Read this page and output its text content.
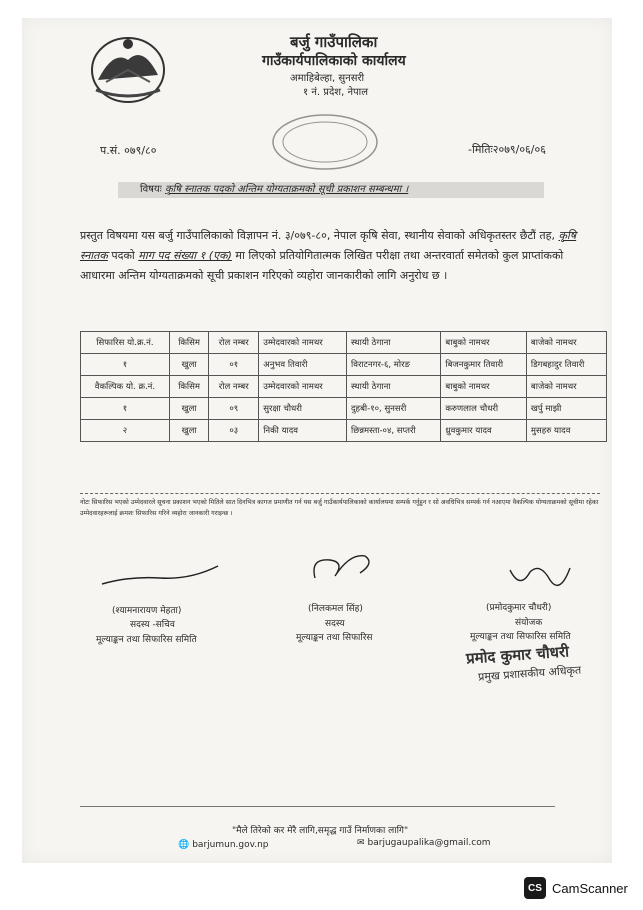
बर्जु गाउँपालिका
गाउँकार्यपालिकाको कार्यालय
अमाहिबेल्हा, सुनसरी
१ नं. प्रदेश, नेपाल
प.सं. ०७९/८०	-मितिः२०७९/०६/०६
विषयः कृषि स्नातक पदको अन्तिम योग्यताक्रमको सूची प्रकाशन सम्बन्धमा ।
प्रस्तुत विषयमा यस बर्जु गाउँपालिकाको विज्ञापन नं. ३/०७९-८०, नेपाल कृषि सेवा, स्थानीय सेवाको अधिकृतस्तर छैटौं तह, कृषि स्नातक पदको माग पद संख्या १ (एक) मा लिएको प्रतियोगितात्मक लिखित परीक्षा तथा अन्तरवार्ता समेतको कुल प्राप्तांकको आधारमा अन्तिम योग्यताक्रमको सूची प्रकाशन गरिएको व्यहोरा जानकारीको लागि अनुरोध छ ।
सिफारिस यो.क्र.नं.	किसिम	रोल नम्बर	उम्मेदवारको नामथर	स्थायी ठेगाना	बाबुको नामथर	बाजेको नामथर
१	खुला	०१	अनुभव तिवारी	विराटनगर-६, मोरङ	बिजनकुमार तिवारी	डिगबहादुर तिवारी
वैकल्पिक यो. क्र.नं.	किसिम	रोल नम्बर	उम्मेदवारको नामथर	स्थायी ठेगाना	बाबुको नामथर	बाजेको नामथर
१	खुला	०९	सुरक्षा चौधरी	दुहबी-१०, सुनसरी	करुणलाल चौधरी	खर्पु माझी
२	खुला	०३	निकी यादव	छिन्नमस्ता-०४, सप्तरी	ध्रुवकुमार यादव	मुसहरु यादव
नोटः सिफारिस भएको उम्मेदवारले सूचना प्रकाशन भएको मितिले सात दिनभित्र कागज प्रमाणीत गर्न यस बर्जु गाउँकार्यपालिकाको कार्यालयमा सम्पर्क गर्नुहुन र सो अवधिभित्र सम्पर्क गर्न नआएमा वैकल्पिक योग्यताक्रमको सूचीमा रहेका उम्मेदवारहरूलाई क्रमशः सिफारिस गरिने व्यहोरा जानकारी गराइन्छ ।
(श्यामनारायण मेहता)
सदस्य -सचिव
मूल्याङ्कन तथा सिफारिस समिति
(निलकमल सिंह)
सदस्य
मूल्याङ्कन तथा सिफारिस
(प्रमोदकुमार चौधरी)
संयोजक
मूल्याङ्कन तथा सिफारिस समिति
प्रमोद कुमार चौधरी
प्रमुख प्रशासकीय अधिकृत
"मैले तिरेको कर मेरै लागि,समृद्ध गाउँ निर्माणका लागि"
🌐 barjumun.gov.np	✉ barjugaupalika@gmail.com
CS CamScanner
